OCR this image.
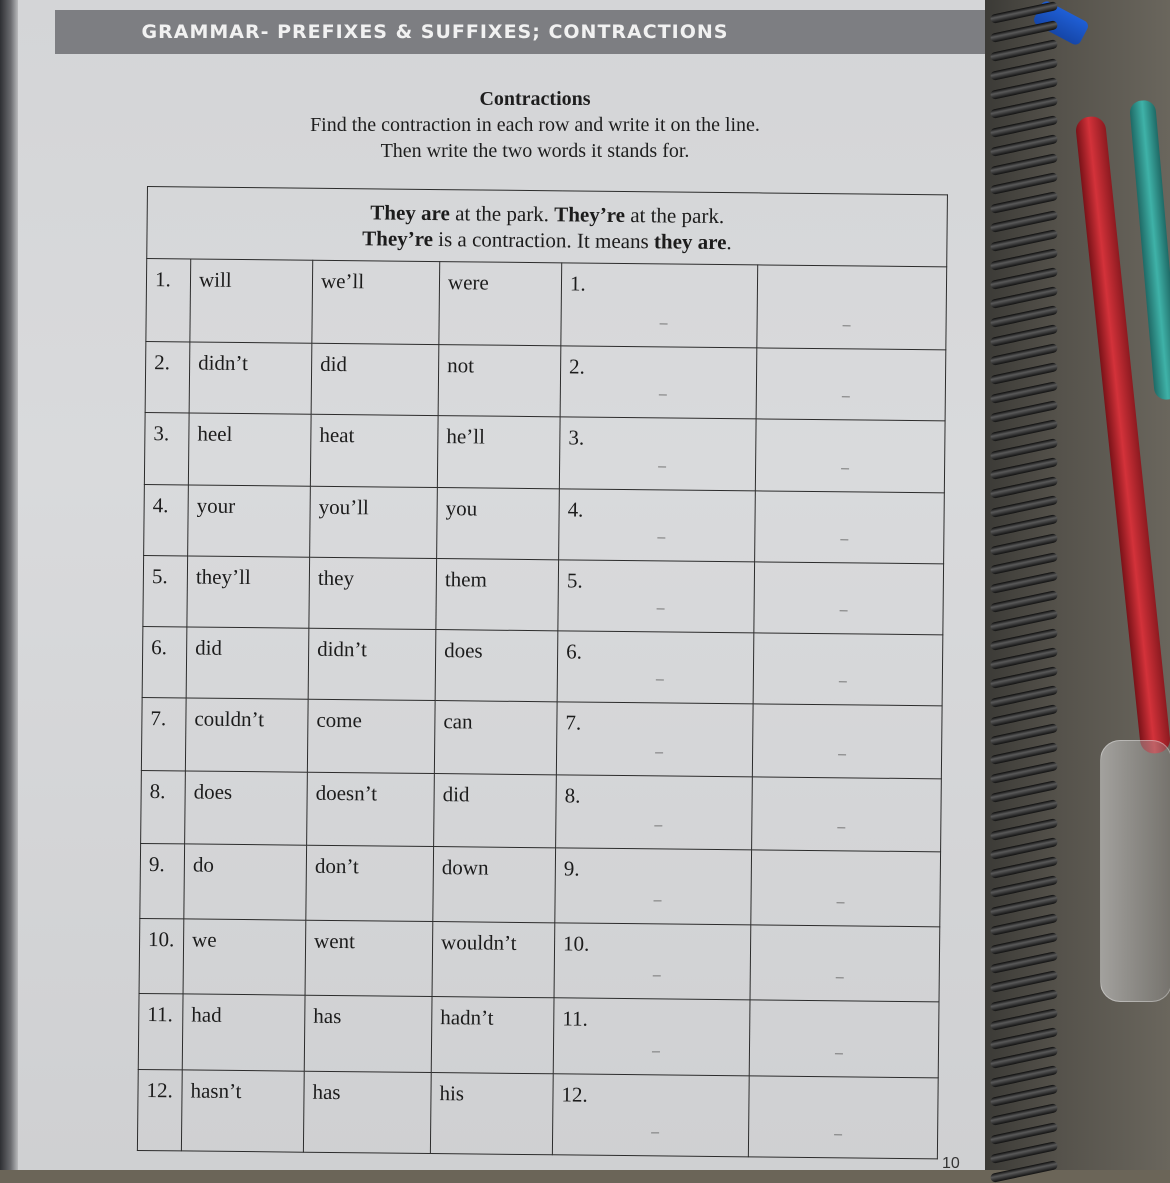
GRAMMAR- PREFIXES & SUFFIXES; CONTRACTIONS
Contractions
Find the contraction in each row and write it on the line.
Then write the two words it stands for.
They are at the park. They’re at the park.
They’re is a contraction. It means they are.					

1.	will	we’ll	were	1.

2.	didn’t	did	not	2.

3.	heel	heat	he’ll	3.

4.	your	you’ll	you	4.

5.	they’ll	they	them	5.

6.	did	didn’t	does	6.

7.	couldn’t	come	can	7.

8.	does	doesn’t	did	8.

9.	do	don’t	down	9.

10.	we	went	wouldn’t	10.

11.	had	has	hadn’t	11.

12.	hasn’t	has	his	12.

10
